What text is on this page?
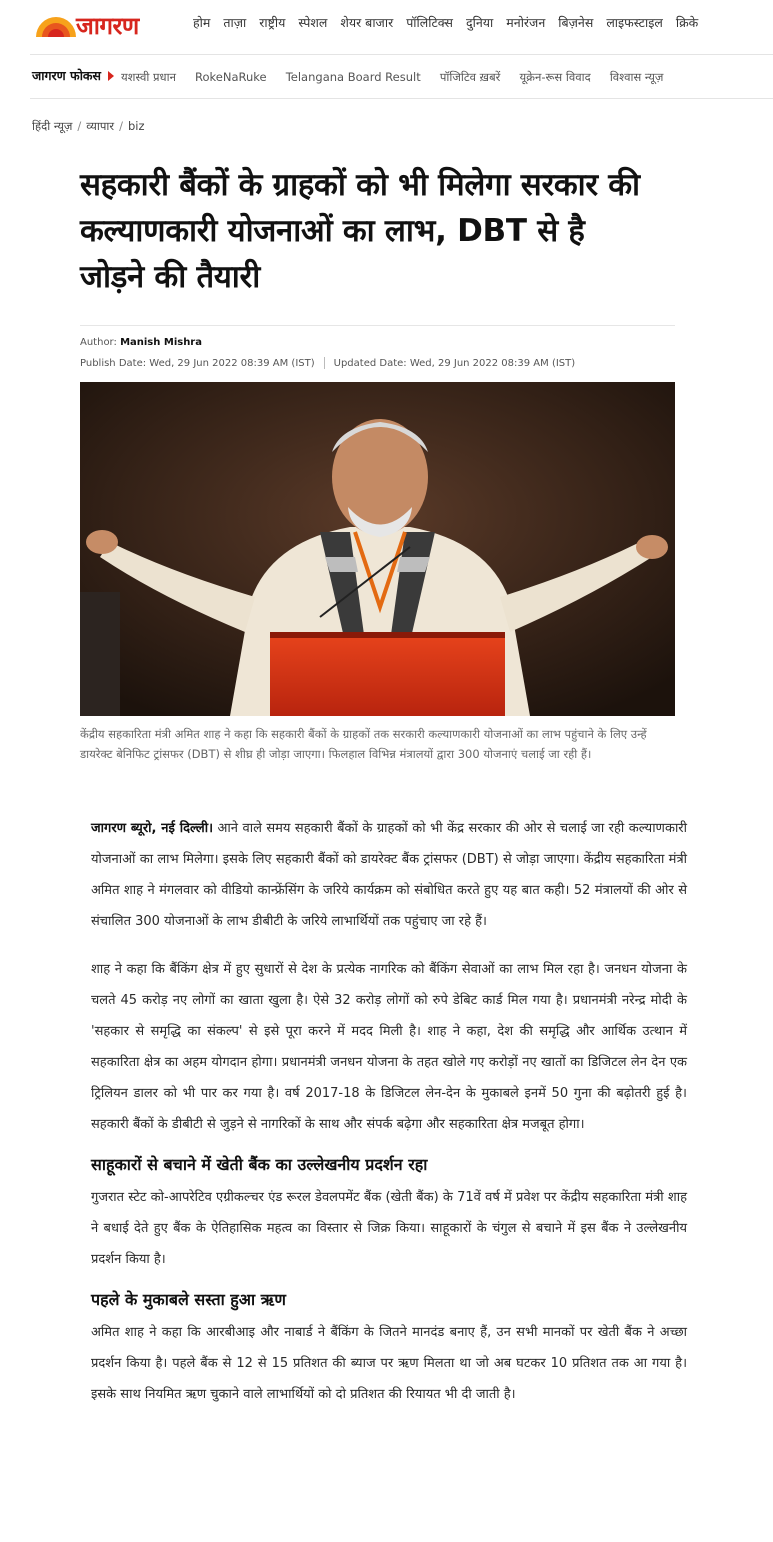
जागरण	होम ताज़ा राष्ट्रीय स्पेशल शेयर बाजार पॉलिटिक्स दुनिया मनोरंजन बिज़नेस लाइफस्टाइल क्रिके
जागरण फोकस यशस्वी प्रधान RokeNaRuke Telangana Board Result पॉजिटिव ख़बरें यूक्रेन-रूस विवाद विश्वास न्यूज़
हिंदी न्यूज़ / व्यापार / biz
सहकारी बैंकों के ग्राहकों को भी मिलेगा सरकार की कल्याणकारी योजनाओं का लाभ, DBT से है जोड़ने की तैयारी
Author: Manish Mishra
Publish Date: Wed, 29 Jun 2022 08:39 AM (IST) Updated Date: Wed, 29 Jun 2022 08:39 AM (IST)

केंद्रीय सहकारिता मंत्री अमित शाह ने कहा कि सहकारी बैंकों के ग्राहकों तक सरकारी कल्याणकारी योजनाओं का लाभ पहुंचाने के लिए उन्हें डायरेक्ट बेनिफिट ट्रांसफर (DBT) से शीघ्र ही जोड़ा जाएगा। फिलहाल विभिन्न मंत्रालयों द्वारा 300 योजनाएं चलाई जा रही हैं।

जागरण ब्यूरो, नई दिल्ली। आने वाले समय सहकारी बैंकों के ग्राहकों को भी केंद्र सरकार की ओर से चलाई जा रही कल्याणकारी योजनाओं का लाभ मिलेगा। इसके लिए सहकारी बैंकों को डायरेक्ट बैंक ट्रांसफर (DBT) से जोड़ा जाएगा। केंद्रीय सहकारिता मंत्री अमित शाह ने मंगलवार को वीडियो कान्फ्रेंसिंग के जरिये कार्यक्रम को संबोधित करते हुए यह बात कही। 52 मंत्रालयों की ओर से संचालित 300 योजनाओं के लाभ डीबीटी के जरिये लाभार्थियों तक पहुंचाए जा रहे हैं।

शाह ने कहा कि बैंकिंग क्षेत्र में हुए सुधारों से देश के प्रत्येक नागरिक को बैंकिंग सेवाओं का लाभ मिल रहा है। जनधन योजना के चलते 45 करोड़ नए लोगों का खाता खुला है। ऐसे 32 करोड़ लोगों को रुपे डेबिट कार्ड मिल गया है। प्रधानमंत्री नरेन्द्र मोदी के 'सहकार से समृद्धि का संकल्प' से इसे पूरा करने में मदद मिली है। शाह ने कहा, देश की समृद्धि और आर्थिक उत्थान में सहकारिता क्षेत्र का अहम योगदान होगा। प्रधानमंत्री जनधन योजना के तहत खोले गए करोड़ों नए खातों का डिजिटल लेन देन एक ट्रिलियन डालर को भी पार कर गया है। वर्ष 2017-18 के डिजिटल लेन-देन के मुकाबले इनमें 50 गुना की बढ़ोतरी हुई है। सहकारी बैंकों के डीबीटी से जुड़ने से नागरिकों के साथ और संपर्क बढ़ेगा और सहकारिता क्षेत्र मजबूत होगा।

साहूकारों से बचाने में खेती बैंक का उल्लेखनीय प्रदर्शन रहा

गुजरात स्टेट को-आपरेटिव एग्रीकल्चर एंड रूरल डेवलपमेंट बैंक (खेती बैंक) के 71वें वर्ष में प्रवेश पर केंद्रीय सहकारिता मंत्री शाह ने बधाई देते हुए बैंक के ऐतिहासिक महत्व का विस्तार से जिक्र किया। साहूकारों के चंगुल से बचाने में इस बैंक ने उल्लेखनीय प्रदर्शन किया है।

पहले के मुकाबले सस्ता हुआ ऋण

अमित शाह ने कहा कि आरबीआइ और नाबार्ड ने बैंकिंग के जितने मानदंड बनाए हैं, उन सभी मानकों पर खेती बैंक ने अच्छा प्रदर्शन किया है। पहले बैंक से 12 से 15 प्रतिशत की ब्याज पर ऋण मिलता था जो अब घटकर 10 प्रतिशत तक आ गया है। इसके साथ नियमित ऋण चुकाने वाले लाभार्थियों को दो प्रतिशत की रियायत भी दी जाती है।
